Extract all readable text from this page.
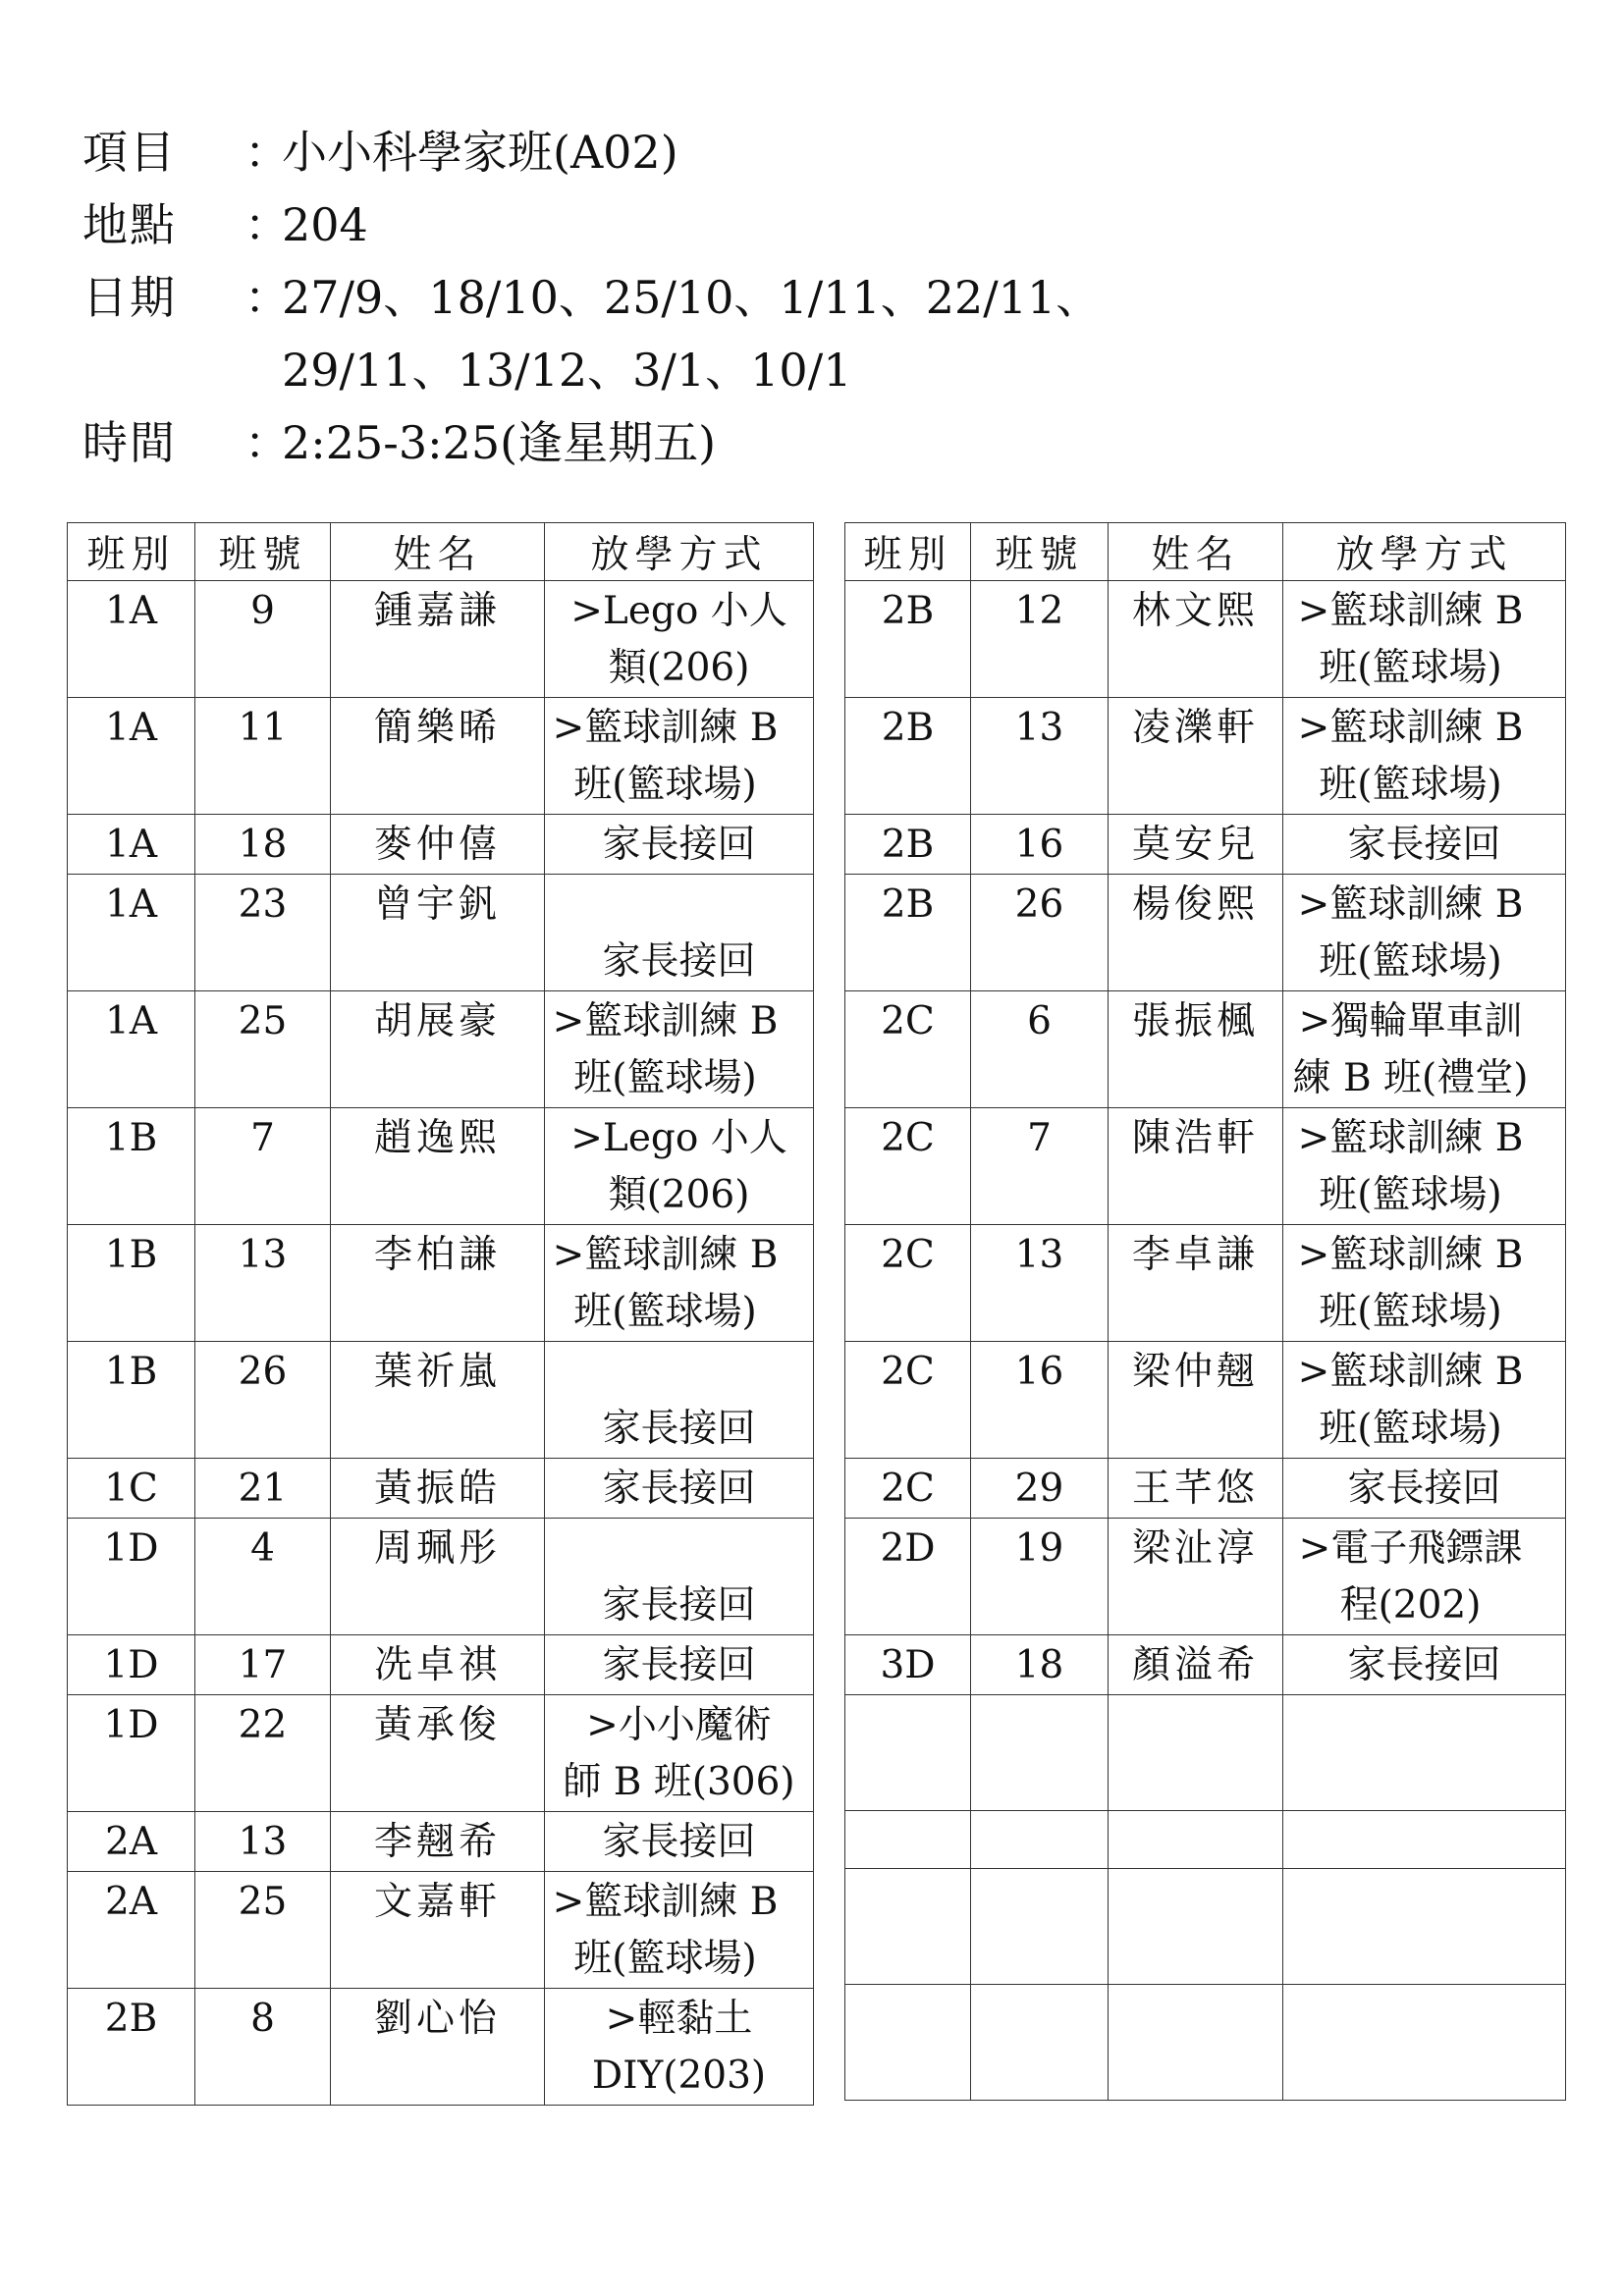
項目	：
小小科學家班(A02)
地點	：
204
日期	：
27/9、18/10、25/10、1/11、22/11、
29/11、13/12、3/1、10/1
時間	：
2:25-3:25(逢星期五)
班別	班號	姓名	放學方式
1A	9	鍾嘉謙	>Lego 小人
類(206)

1A	11	簡樂晞	>籃球訓練 B
班(籃球場)

1A	18	麥仲僖	家長接回

1A	23	曾宇釩	家長接回

1A	25	胡展豪	>籃球訓練 B
班(籃球場)

1B	7	趙逸熙	>Lego 小人
類(206)

1B	13	李柏謙	>籃球訓練 B
班(籃球場)

1B	26	葉祈嵐	家長接回

1C	21	黃振皓	家長接回

1D	4	周珮彤	家長接回

1D	17	冼卓祺	家長接回

1D	22	黃承俊	>小小魔術
師 B 班(306)

2A	13	李翹希	家長接回

2A	25	文嘉軒	>籃球訓練 B
班(籃球場)

2B	8	劉心怡	>輕黏土
DIY(203)
班別	班號	姓名	放學方式
2B	12	林文熙	>籃球訓練 B
班(籃球場)

2B	13	凌濼軒	>籃球訓練 B
班(籃球場)

2B	16	莫安兒	家長接回

2B	26	楊俊熙	>籃球訓練 B
班(籃球場)

2C	6	張振楓	>獨輪單車訓
練 B 班(禮堂)

2C	7	陳浩軒	>籃球訓練 B
班(籃球場)

2C	13	李卓謙	>籃球訓練 B
班(籃球場)

2C	16	梁仲翹	>籃球訓練 B
班(籃球場)

2C	29	王芊悠	家長接回

2D	19	梁沚淳	>電子飛鏢課
程(202)

3D	18	顏溢希	家長接回
